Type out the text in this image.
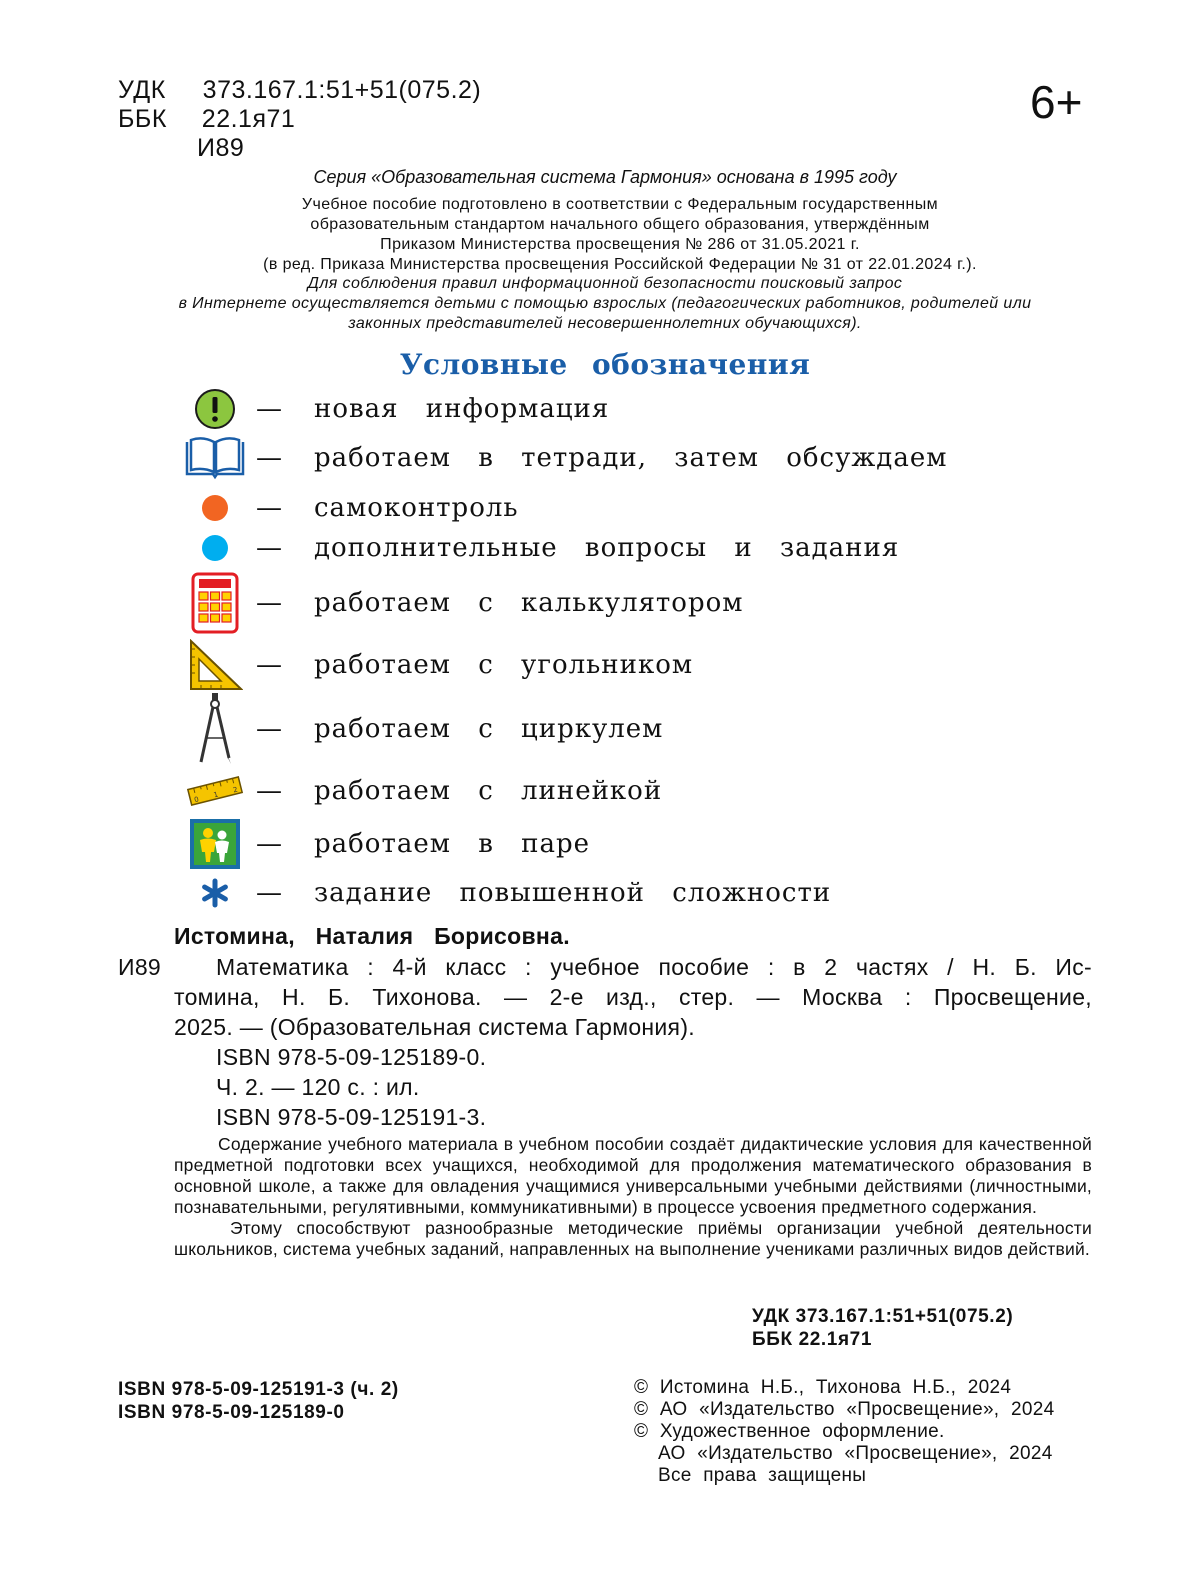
УДК 373.167.1:51+51(075.2)
ББК 22.1я71
И89
6+
Серия «Образовательная система Гармония» основана в 1995 году
Учебное пособие подготовлено в соответствии с Федеральным государственным
образовательным стандартом начального общего образования, утверждённым
Приказом Министерства просвещения № 286 от 31.05.2021 г.
(в ред. Приказа Министерства просвещения Российской Федерации № 31 от 22.01.2024 г.).
Для соблюдения правил информационной безопасности поисковый запрос
в Интернете осуществляется детьми с помощью взрослых (педагогических работников, родителей или
законных представителей несовершеннолетних обучающихся).
Условные обозначения
— новая информация
— работаем в тетради, затем обсуждаем
— самоконтроль
— дополнительные вопросы и задания
— работаем с калькулятором
— работаем с угольником
— работаем с циркулем
0
1
2 — работаем с линейкой
— работаем в паре
— задание повышенной сложности
Истомина, Наталия Борисовна.
И89	Математика : 4-й класс : учебное пособие : в 2 частях / Н. Б. Ис-
томина, Н. Б. Тихонова. — 2-е изд., стер. — Москва : Просвещение,
2025. — (Образовательная система Гармония).
ISBN 978-5-09-125189-0.
Ч. 2. — 120 с. : ил.
ISBN 978-5-09-125191-3.
Содержание учебного материала в учебном пособии создаёт дидактические условия для качественной предметной подготовки всех учащихся, необходимой для продолжения математического образования в основной школе, а также для овладения учащимися универсальными учебными действиями (личностными, познавательными, регулятивными, коммуникативными) в процессе усвоения предметного содержания.
Этому способствуют разнообразные методические приёмы организации учебной деятельности школьников, система учебных заданий, направленных на выполнение учениками различных видов действий.
УДК 373.167.1:51+51(075.2)
ББК 22.1я71
ISBN 978-5-09-125191-3 (ч. 2)
ISBN 978-5-09-125189-0
© Истомина Н.Б., Тихонова Н.Б., 2024
© АО «Издательство «Просвещение», 2024
© Художественное оформление.
АО «Издательство «Просвещение», 2024
Все права защищены
